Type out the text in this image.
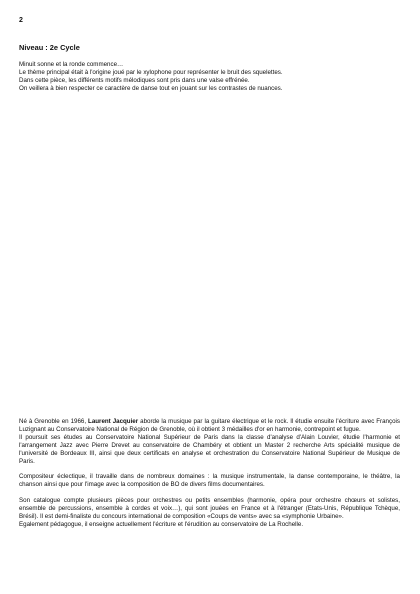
2
Niveau : 2e Cycle

Minuit sonne et la ronde commence…

Le thème principal était à l'origine joué par le xylophone pour représenter le bruit des squelettes.

Dans cette pièce, les différents motifs mélodiques sont pris dans une valse effrénée.

On veillera à bien respecter ce caractère de danse tout en jouant sur les contrastes de nuances.

Né à Grenoble en 1966, Laurent Jacquier aborde la musique par la guitare électrique et le rock. Il étudie ensuite l'écriture avec François Luzignant au Conservatoire National de Région de Grenoble, où il obtient 3 médailles d'or en harmonie, contrepoint et fugue.

Il poursuit ses études au Conservatoire National Supérieur de Paris dans la classe d'analyse d'Alain Louvier, étudie l'harmonie et l'arrangement Jazz avec Pierre Drevet au conservatoire de Chambéry et obtient un Master 2 recherche Arts spécialité musique de l'université de Bordeaux III, ainsi que deux certificats en analyse et orchestration du Conservatoire National Supérieur de Musique de Paris.

Compositeur éclectique, il travaille dans de nombreux domaines : la musique instrumentale, la danse contemporaine, le théâtre, la chanson ainsi que pour l'image avec la composition de BO de divers films documentaires.

Son catalogue compte plusieurs pièces pour orchestres ou petits ensembles (harmonie, opéra pour orchestre chœurs et solistes, ensemble de percussions, ensemble à cordes et voix…), qui sont jouées en France et à l'étranger (Etats-Unis, République Tchèque, Brésil). Il est demi-finaliste du concours international de composition «Coups de vents» avec sa «symphonie Urbaine».

Egalement pédagogue, il enseigne actuellement l'écriture et l'érudition au conservatoire de La Rochelle.
